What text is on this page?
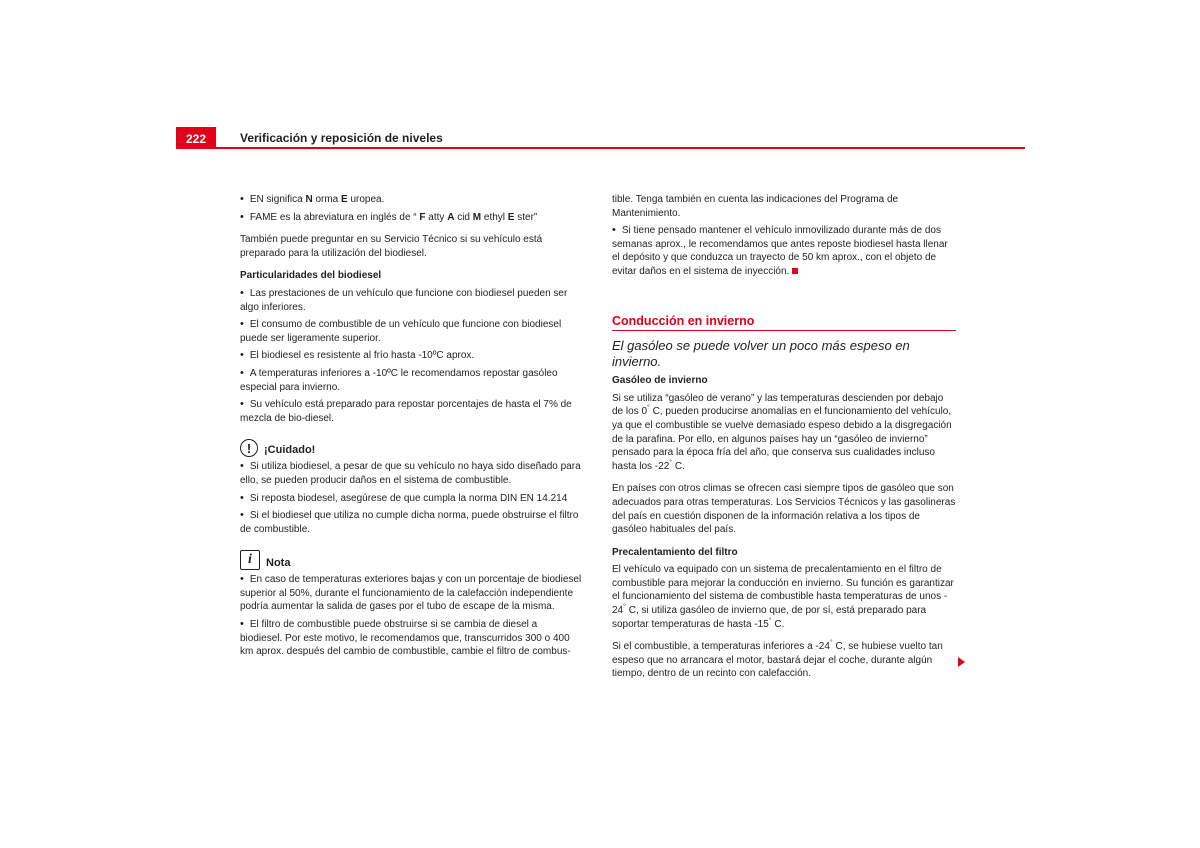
222	Verificación y reposición de niveles

• EN significa N orma E uropea.

• FAME es la abreviatura en inglés de “ F atty A cid M ethyl E ster”

También puede preguntar en su Servicio Técnico si su vehículo está preparado para la utilización del biodiesel.

Particularidades del biodiesel

• Las prestaciones de un vehículo que funcione con biodiesel pueden ser algo inferiores.

• El consumo de combustible de un vehículo que funcione con biodiesel puede ser ligeramente superior.

• El biodiesel es resistente al frío hasta -10ºC aprox.

• A temperaturas inferiores a -10ºC le recomendamos repostar gasóleo especial para invierno.

• Su vehículo está preparado para repostar porcentajes de hasta el 7% de mezcla de bio-diesel.

!	¡Cuidado!

• Si utiliza biodiesel, a pesar de que su vehículo no haya sido diseñado para ello, se pueden producir daños en el sistema de combustible.

• Si reposta biodesel, asegúrese de que cumpla la norma DIN EN 14.214

• Si el biodiesel que utiliza no cumple dicha norma, puede obstruirse el filtro de combustible.

i	Nota

• En caso de temperaturas exteriores bajas y con un porcentaje de biodiesel superior al 50%, durante el funcionamiento de la calefacción independiente podría aumentar la salida de gases por el tubo de escape de la misma.

• El filtro de combustible puede obstruirse si se cambia de diesel a biodiesel. Por este motivo, le recomendamos que, transcurridos 300 o 400 km aprox. después del cambio de combustible, cambie el filtro de combus-

tible. Tenga también en cuenta las indicaciones del Programa de Mantenimiento.

• Si tiene pensado mantener el vehículo inmovilizado durante más de dos semanas aprox., le recomendamos que antes reposte biodiesel hasta llenar el depósito y que conduzca un trayecto de 50 km aprox., con el objeto de evitar daños en el sistema de inyección.

Conducción en invierno

El gasóleo se puede volver un poco más espeso en invierno.

Gasóleo de invierno

Si se utiliza “gasóleo de verano” y las temperaturas descienden por debajo de los 0° C, pueden producirse anomalías en el funcionamiento del vehículo, ya que el combustible se vuelve demasiado espeso debido a la disgregación de la parafina. Por ello, en algunos países hay un “gasóleo de invierno” pensado para la época fría del año, que conserva sus cualidades incluso hasta los -22° C.

En países con otros climas se ofrecen casi siempre tipos de gasóleo que son adecuados para otras temperaturas. Los Servicios Técnicos y las gasolineras del país en cuestión disponen de la información relativa a los tipos de gasóleo habituales del país.

Precalentamiento del filtro

El vehículo va equipado con un sistema de precalentamiento en el filtro de combustible para mejorar la conducción en invierno. Su función es garantizar el funcionamiento del sistema de combustible hasta temperaturas de unos - 24° C, si utiliza gasóleo de invierno que, de por sí, está preparado para soportar temperaturas de hasta -15° C.

Si el combustible, a temperaturas inferiores a -24° C, se hubiese vuelto tan espeso que no arrancara el motor, bastará dejar el coche, durante algún tiempo, dentro de un recinto con calefacción.
